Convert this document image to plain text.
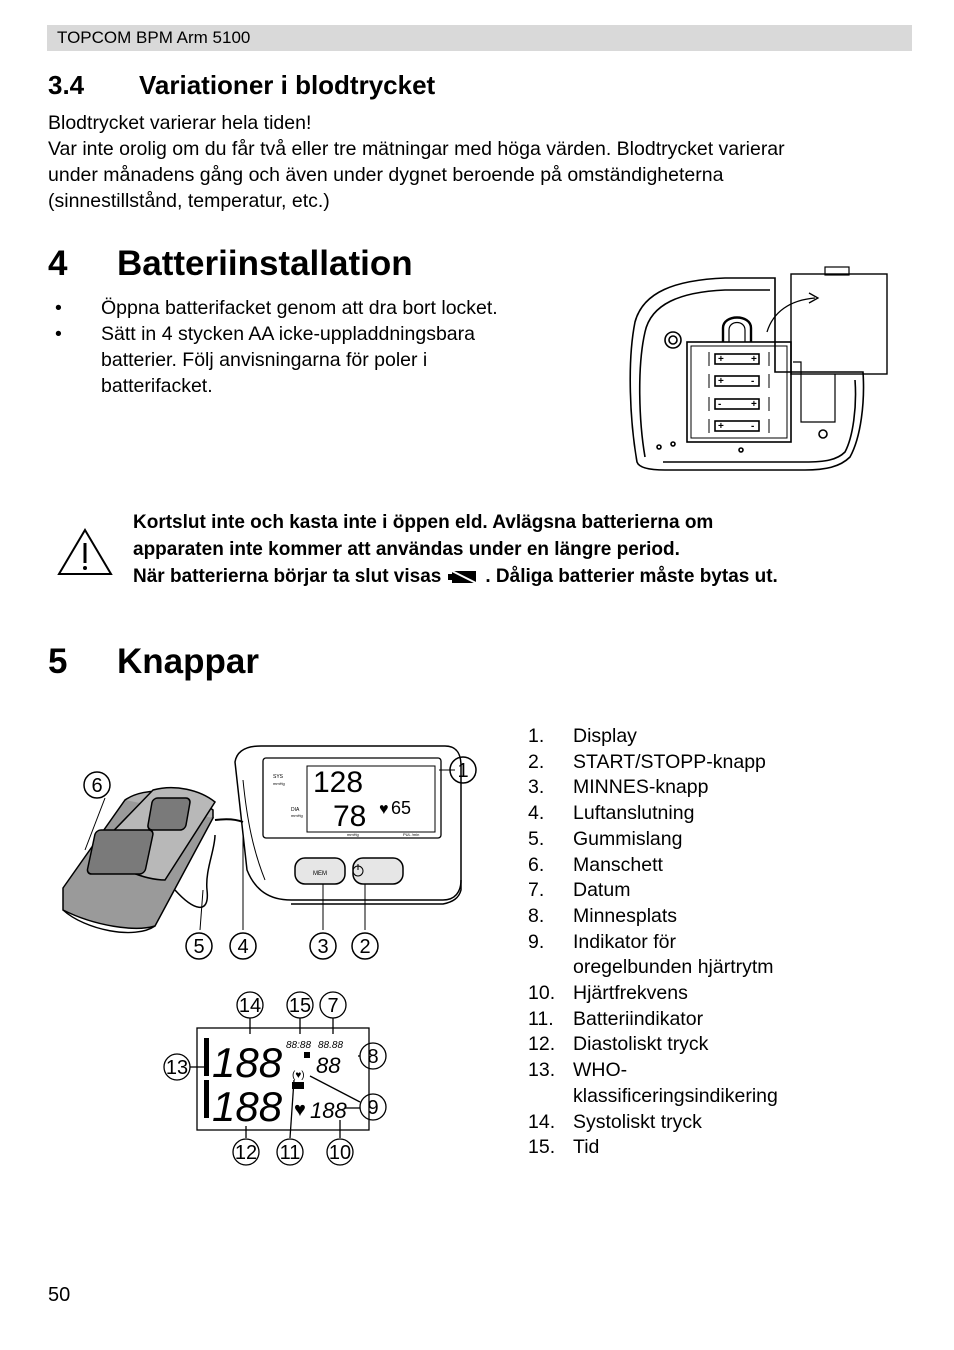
TOPCOM BPM Arm 5100
3.4 Variationer i blodtrycket
Blodtrycket varierar hela tiden!
Var inte orolig om du får två eller tre mätningar med höga värden. Blodtrycket varierar
under månadens gång och även under dygnet beroende på omständigheterna
(sinnestillstånd, temperatur, etc.)
4 Batteriinstallation
• Öppna batterifacket genom att dra bort locket.
• Sätt in 4 stycken AA icke-uppladdningsbara
batterier. Följ anvisningarna för poler i
batterifacket.
+	+
+	-
-	+
+	-
Kortslut inte och kasta inte i öppen eld. Avlägsna batterierna om
apparaten inte kommer att användas under en längre period.
När batterierna börjar ta slut visas . Dåliga batterier måste bytas ut.
5 Knappar
1.	Display
2.	START/STOPP-knapp
3.	MINNES-knapp
4.	Luftanslutning
5.	Gummislang
6.	Manschett
7.	Datum
8.	Minnesplats
9.	Indikator för
oregelbunden hjärtrytm
10. Hjärtfrekvens
11. Batteriindikator
12. Diastoliskt tryck
13. WHO-
klassificeringsindikering
14. Systoliskt tryck
15. Tid
SYS
mmHg
DIA
mmHg
128
78 ♥ 65
mmHg	PUL /min
MEM
1
2
3
4
5
6
188
188
88:88 88.88
88
(♥)
♥ 188
7
8
9
10
11
12
13
14 15
50
